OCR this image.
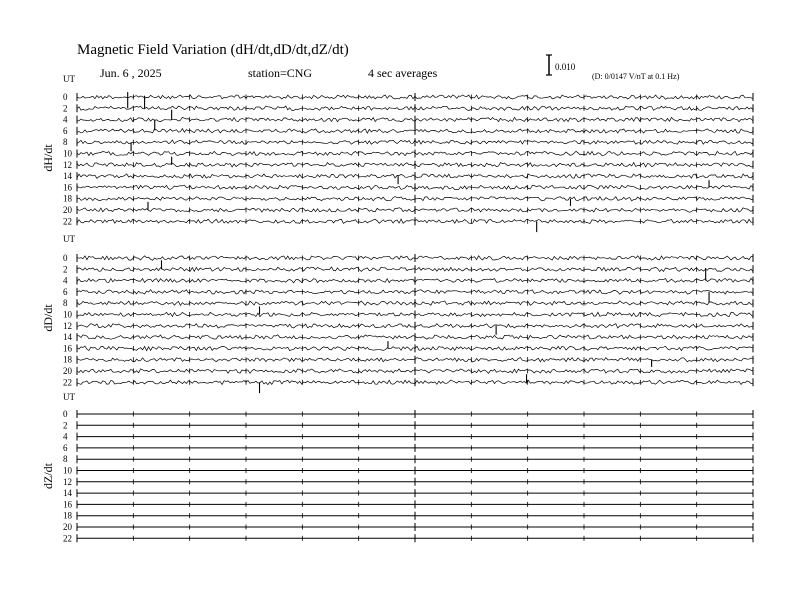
Magnetic Field Variation (dH/dt,dD/dt,dZ/dt)
Jun. 6 , 2025	station=CNG	4 sec averages	0.010
(D: 0/0147 V/nT at 0.1 Hz)
UT
dH/dt
0
2
4
6
8
10
12
14
16
18
20
22
UT
dD/dt
0
2
4
6
8
10
12
14
16
18
20
22
UT
dZ/dt
0
2
4
6
8
10
12
14
16
18
20
22
